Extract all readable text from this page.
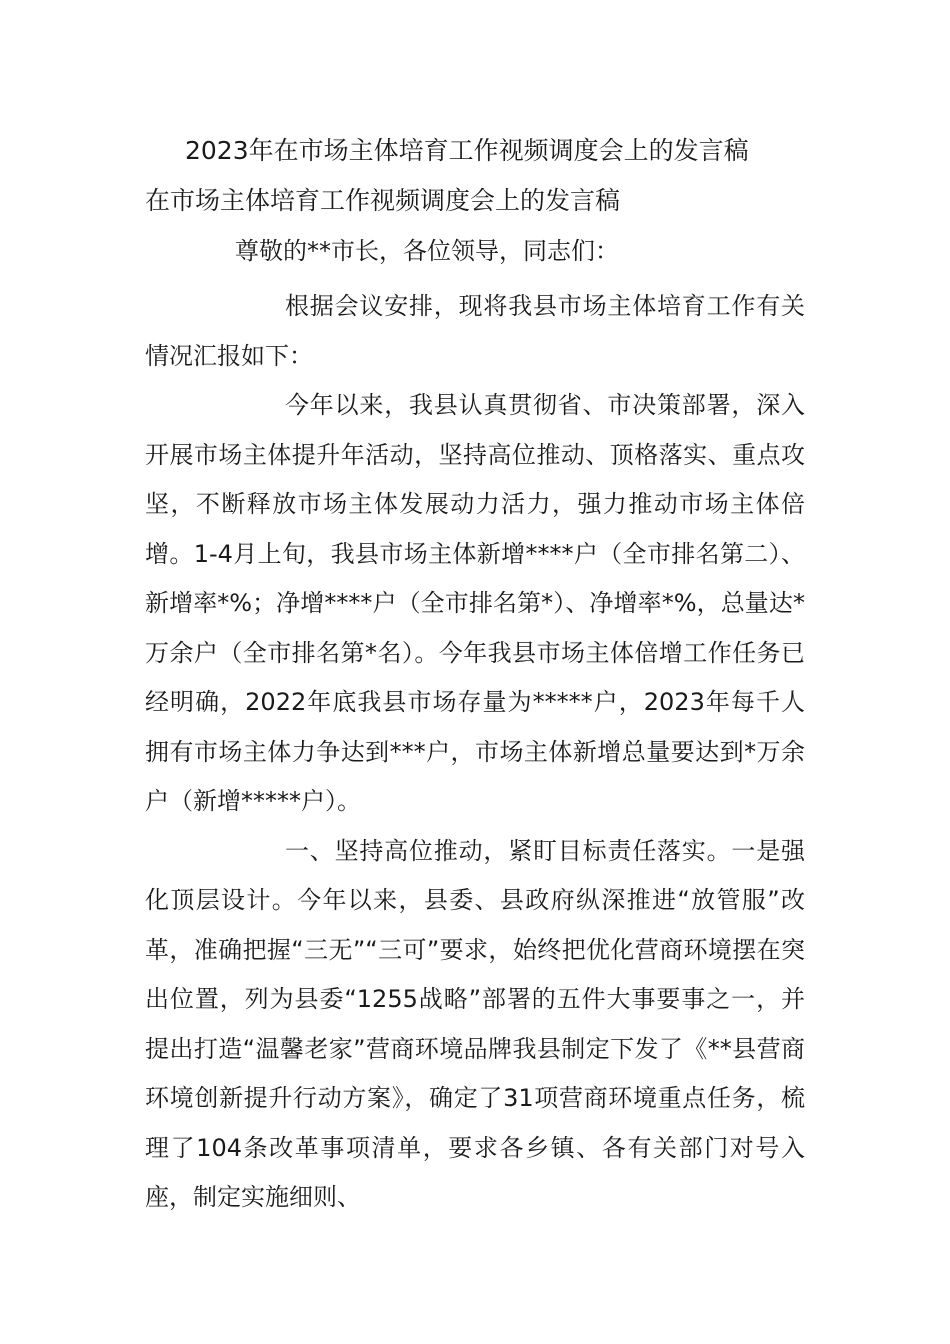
2023年在市场主体培育工作视频调度会上的发言稿
在市场主体培育工作视频调度会上的发言稿

尊敬的**市长，各位领导，同志们：

根据会议安排，现将我县市场主体培育工作有关情况汇报如下：

今年以来，我县认真贯彻省、市决策部署，深入开展市场主体提升年活动，坚持高位推动、顶格落实、重点攻坚，不断释放市场主体发展动力活力，强力推动市场主体倍增。1-4月上旬，我县市场主体新增****户（全市排名第二）、新增率*%；净增****户（全市排名第*）、净增率*%，总量达*万余户（全市排名第*名）。今年我县市场主体倍增工作任务已经明确，2022年底我县市场存量为*****户，2023年每千人拥有市场主体力争达到***户，市场主体新增总量要达到*万余户（新增*****户）。

一、坚持高位推动，紧盯目标责任落实。一是强化顶层设计。今年以来，县委、县政府纵深推进“放管服”改革，准确把握“三无”“三可”要求，始终把优化营商环境摆在突出位置，列为县委“1255战略”部署的五件大事要事之一，并提出打造“温馨老家”营商环境品牌我县制定下发了《**县营商环境创新提升行动方案》，确定了31项营商环境重点任务，梳理了104条改革事项清单，要求各乡镇、各有关部门对号入座，制定实施细则、
